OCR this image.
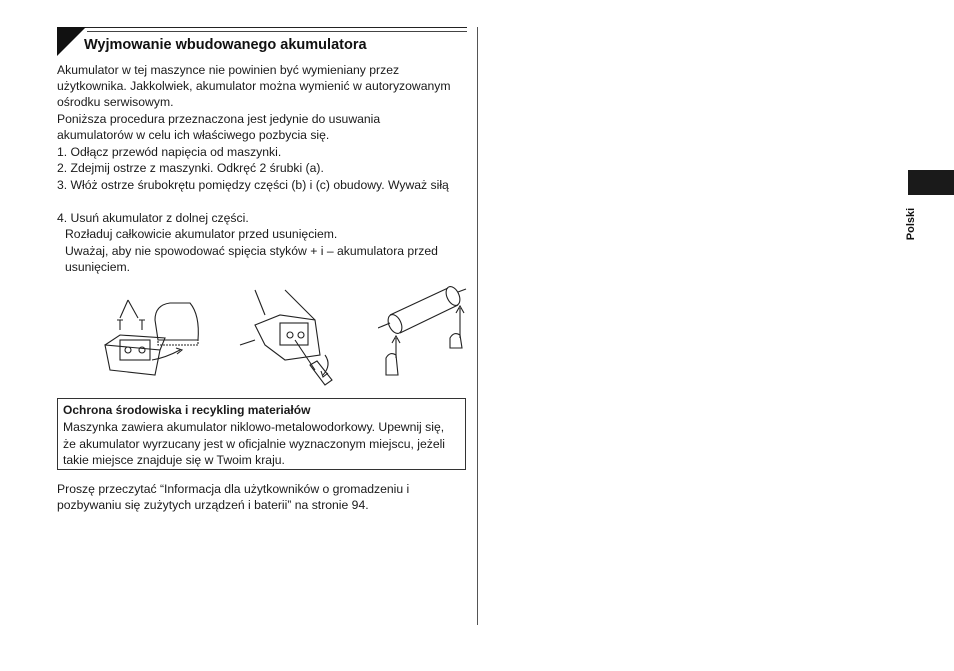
Wyjmowanie wbudowanego akumulatora
Akumulator w tej maszynce nie powinien być wymieniany przez
użytkownika. Jakkolwiek, akumulator można wymienić w autoryzowanym
ośrodku serwisowym.
Poniższa procedura przeznaczona jest jedynie do usuwania
akumulatorów w celu ich właściwego pozbycia się.
1. Odłącz przewód napięcia od maszynki.
2. Zdejmij ostrze z maszynki. Odkręć 2 śrubki (a).
3. Włóż ostrze śrubokrętu pomiędzy części (b) i (c) obudowy. Wyważ siłą
4. Usuń akumulator z dolnej części.
Rozładuj całkowicie akumulator przed usunięciem.
Uważaj, aby nie spowodować spięcia styków + i – akumulatora przed
usunięciem.
Ochrona środowiska i recykling materiałów
Maszynka zawiera akumulator niklowo-metalowodorkowy. Upewnij się,
że akumulator wyrzucany jest w oficjalnie wyznaczonym miejscu, jeżeli
takie miejsce znajduje się w Twoim kraju.
Proszę przeczytać “Informacja dla użytkowników o gromadzeniu i
pozbywaniu się zużytych urządzeń i baterii” na stronie 94.
Polski
